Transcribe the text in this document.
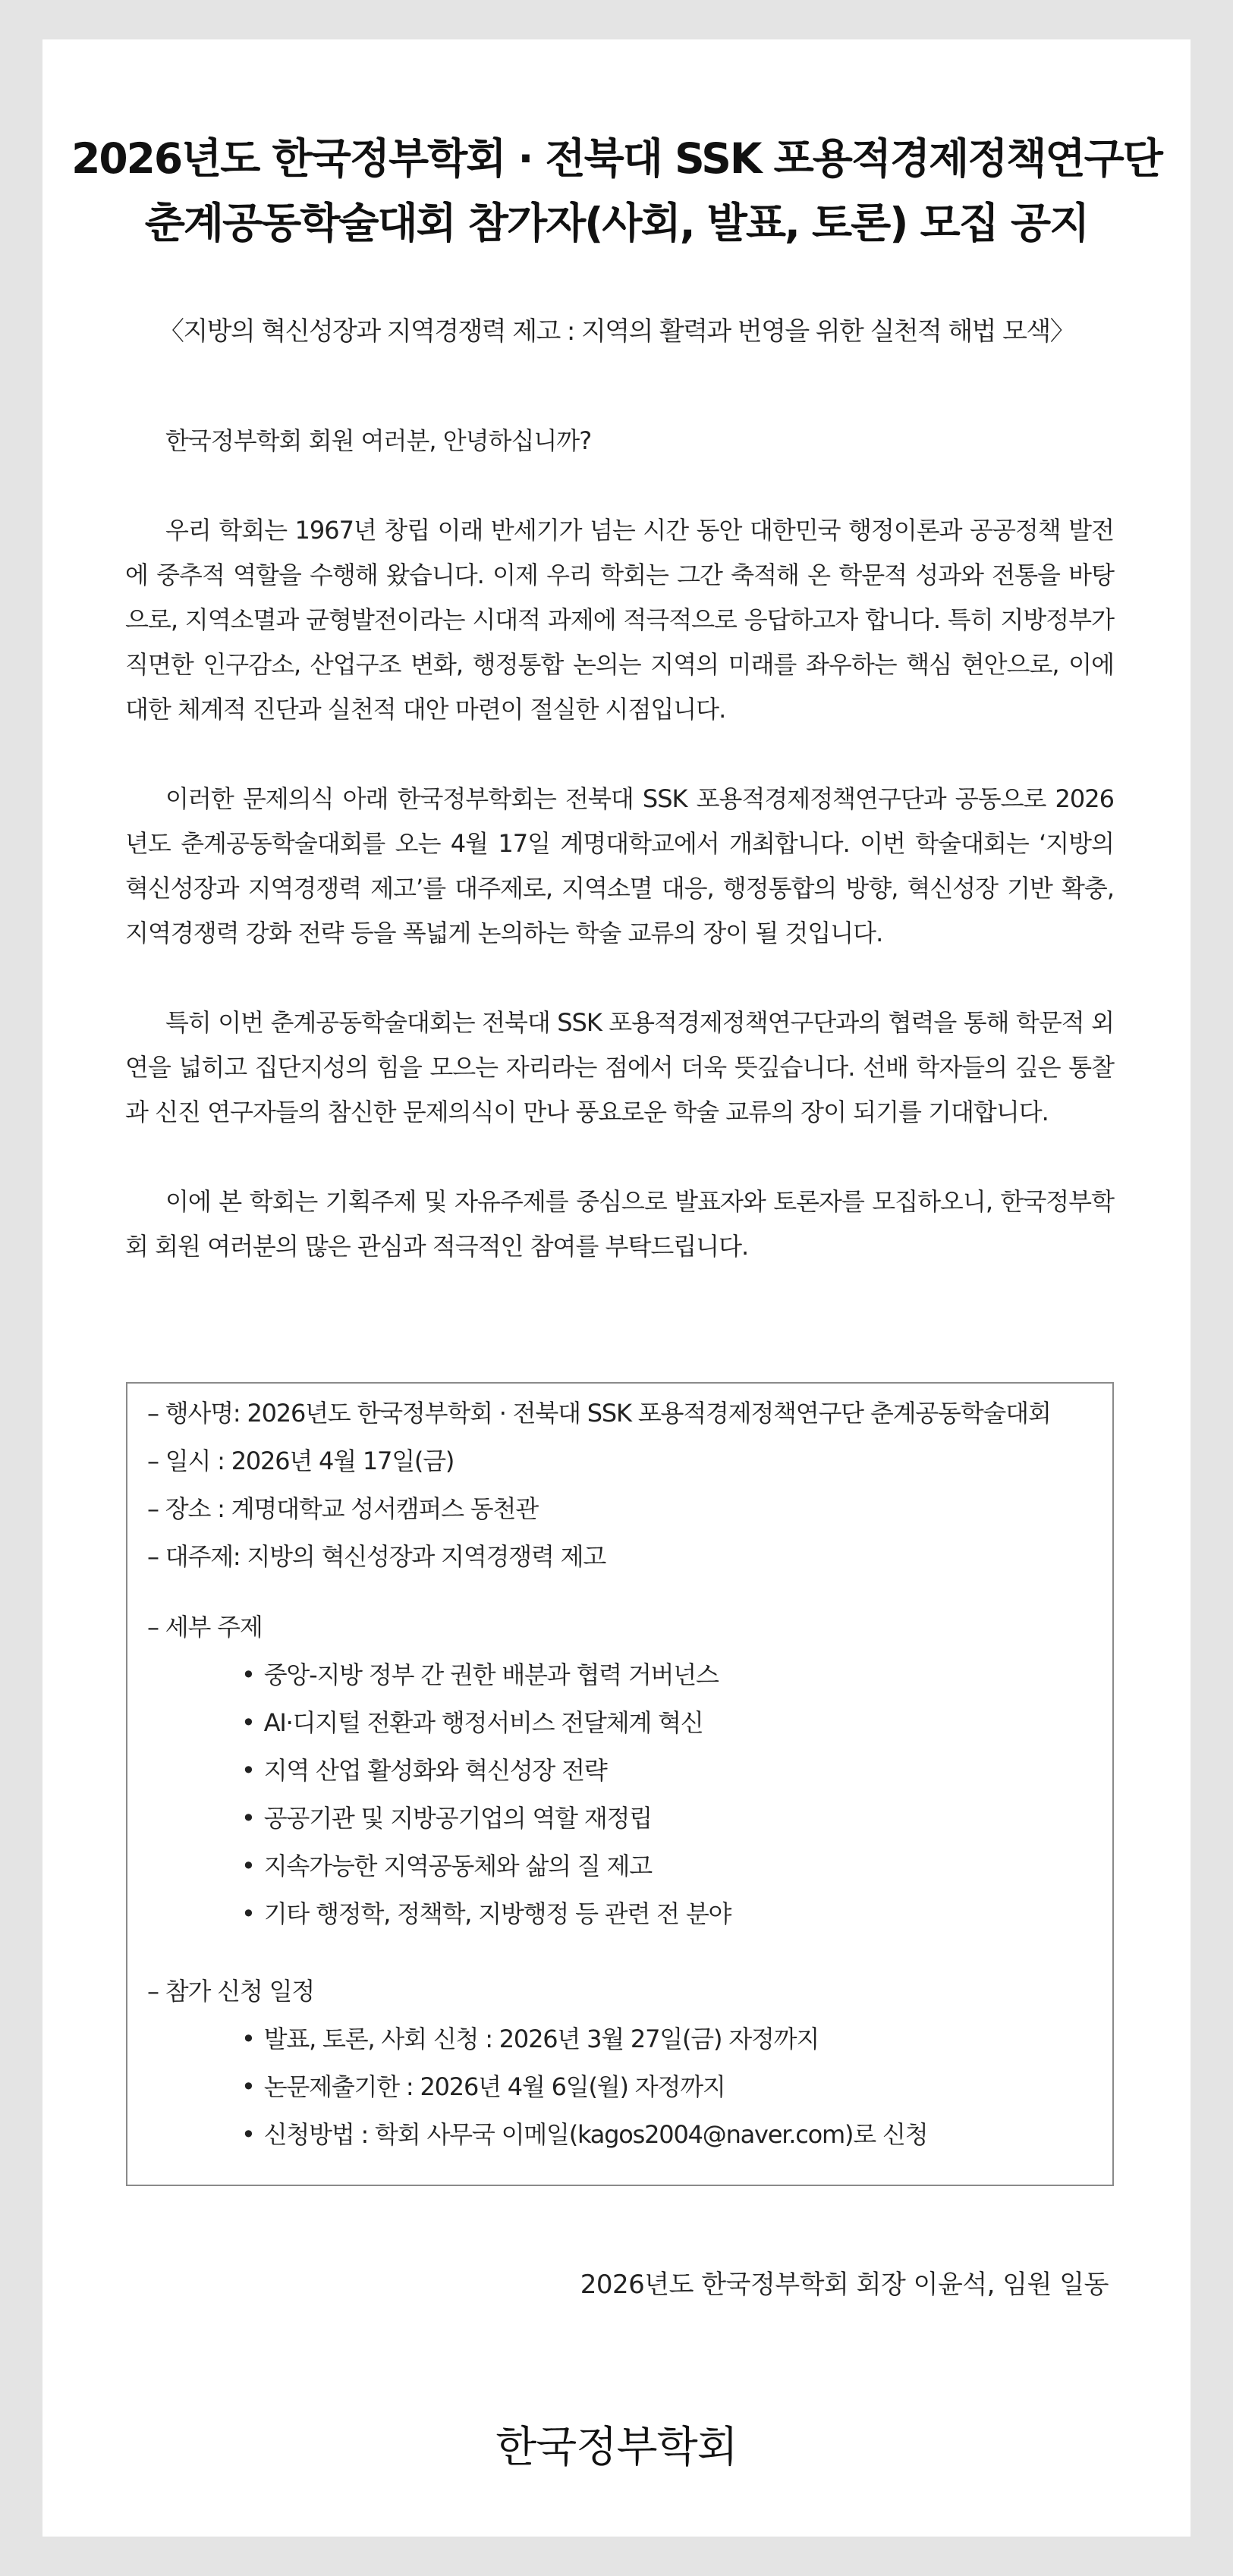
2026년도 한국정부학회 · 전북대 SSK 포용적경제정책연구단
춘계공동학술대회 참가자(사회, 발표, 토론) 모집 공지
〈지방의 혁신성장과 지역경쟁력 제고 : 지역의 활력과 번영을 위한 실천적 해법 모색〉

한국정부학회 회원 여러분, 안녕하십니까?

우리 학회는 1967년 창립 이래 반세기가 넘는 시간 동안 대한민국 행정이론과 공공정책 발전에 중추적 역할을 수행해 왔습니다. 이제 우리 학회는 그간 축적해 온 학문적 성과와 전통을 바탕으로, 지역소멸과 균형발전이라는 시대적 과제에 적극적으로 응답하고자 합니다. 특히 지방정부가 직면한 인구감소, 산업구조 변화, 행정통합 논의는 지역의 미래를 좌우하는 핵심 현안으로, 이에 대한 체계적 진단과 실천적 대안 마련이 절실한 시점입니다.

이러한 문제의식 아래 한국정부학회는 전북대 SSK 포용적경제정책연구단과 공동으로 2026년도 춘계공동학술대회를 오는 4월 17일 계명대학교에서 개최합니다. 이번 학술대회는 ‘지방의 혁신성장과 지역경쟁력 제고’를 대주제로, 지역소멸 대응, 행정통합의 방향, 혁신성장 기반 확충, 지역경쟁력 강화 전략 등을 폭넓게 논의하는 학술 교류의 장이 될 것입니다.

특히 이번 춘계공동학술대회는 전북대 SSK 포용적경제정책연구단과의 협력을 통해 학문적 외연을 넓히고 집단지성의 힘을 모으는 자리라는 점에서 더욱 뜻깊습니다. 선배 학자들의 깊은 통찰과 신진 연구자들의 참신한 문제의식이 만나 풍요로운 학술 교류의 장이 되기를 기대합니다.

이에 본 학회는 기획주제 및 자유주제를 중심으로 발표자와 토론자를 모집하오니, 한국정부학회 회원 여러분의 많은 관심과 적극적인 참여를 부탁드립니다.

– 행사명: 2026년도 한국정부학회 · 전북대 SSK 포용적경제정책연구단 춘계공동학술대회
– 일시 : 2026년 4월 17일(금)
– 장소 : 계명대학교 성서캠퍼스 동천관
– 대주제: 지방의 혁신성장과 지역경쟁력 제고
– 세부 주제
• 중앙-지방 정부 간 권한 배분과 협력 거버넌스
• AI·디지털 전환과 행정서비스 전달체계 혁신
• 지역 산업 활성화와 혁신성장 전략
• 공공기관 및 지방공기업의 역할 재정립
• 지속가능한 지역공동체와 삶의 질 제고
• 기타 행정학, 정책학, 지방행정 등 관련 전 분야
– 참가 신청 일정
• 발표, 토론, 사회 신청 : 2026년 3월 27일(금) 자정까지
• 논문제출기한 : 2026년 4월 6일(월) 자정까지
• 신청방법 : 학회 사무국 이메일(kagos2004@naver.com)로 신청
2026년도 한국정부학회 회장 이윤석, 임원 일동
한국정부학회
